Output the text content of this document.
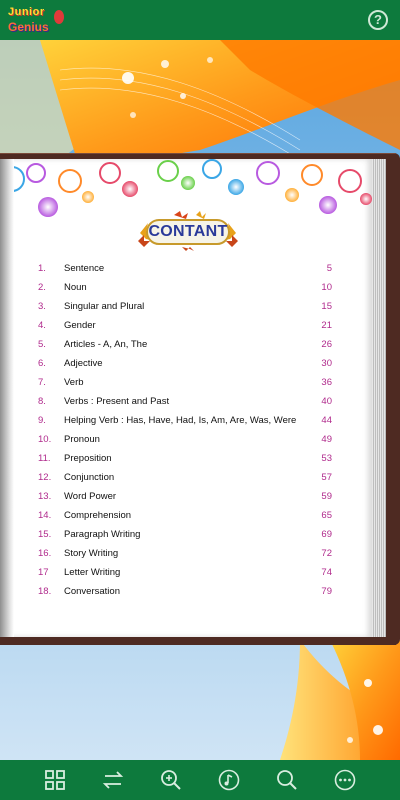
Junior
Genius	?
CONTANT
1. Sentence	5
2. Noun	10
3. Singular and Plural	15
4. Gender	21
5. Articles - A, An, The	26
6. Adjective	30
7. Verb	36
8. Verbs : Present and Past	40
9. Helping Verb : Has, Have, Had, Is, Am, Are, Was, Were	44
10. Pronoun	49
11. Preposition	53
12. Conjunction	57
13. Word Power	59
14. Comprehension	65
15. Paragraph Writing	69
16. Story Writing	72
17 Letter Writing	74
18. Conversation	79
